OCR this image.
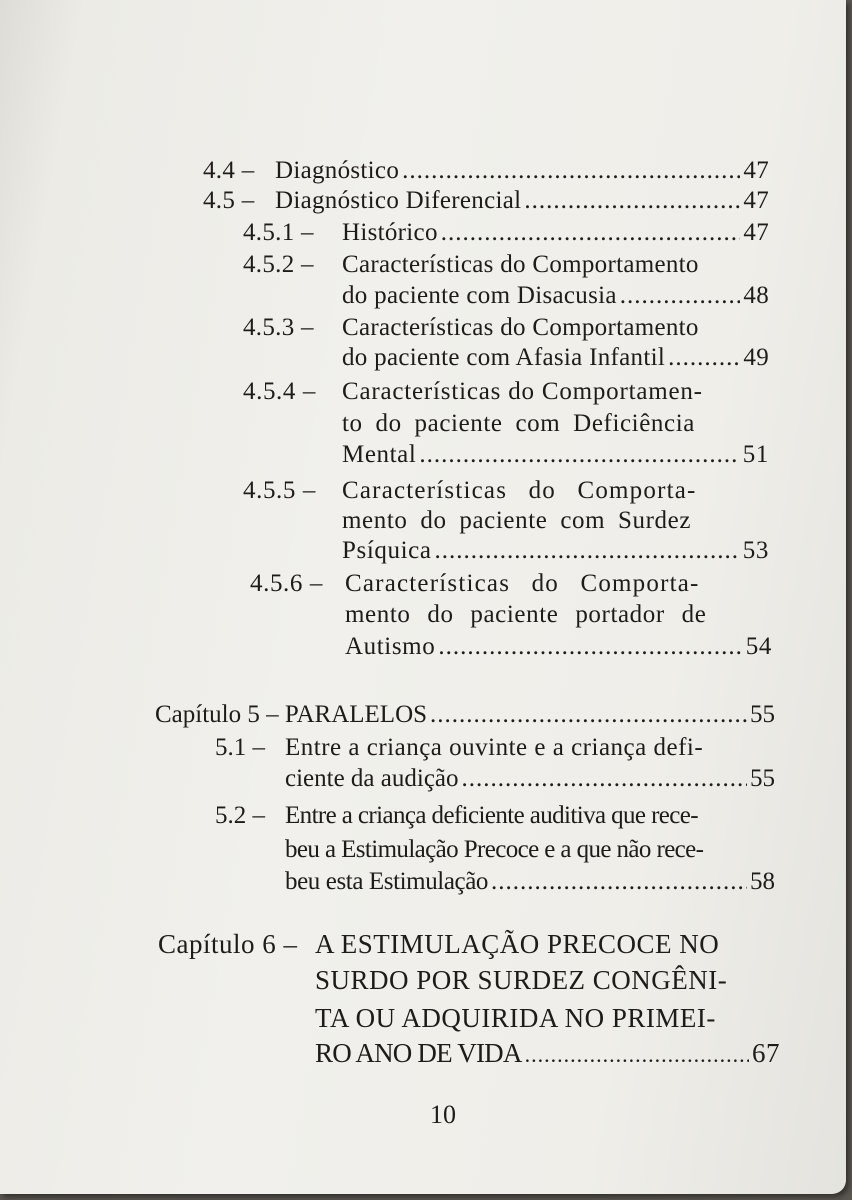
4.4 – Diagnóstico .....	47
4.5 – Diagnóstico Diferencial .....	47
4.5.1 – Histórico .....	47
4.5.2 – Características do Comportamento
do paciente com Disacusia .....	48
4.5.3 – Características do Comportamento
do paciente com Afasia Infantil .....	49
4.5.4 – Características do Comportamen-
to do paciente com Deficiência
Mental .....	51
4.5.5 – Características do Comporta-
mento do paciente com Surdez
Psíquica .....	53
4.5.6 – Características do Comporta-
mento do paciente portador de
Autismo .....	54
Capítulo 5 – PARALELOS .....	55
5.1 – Entre a criança ouvinte e a criança defi-
ciente da audição .....	55
5.2 – Entre a criança deficiente auditiva que rece-
beu a Estimulação Precoce e a que não rece-
beu esta Estimulação .....	58
Capítulo 6 – A ESTIMULAÇÃO PRECOCE NO
SURDO POR SURDEZ CONGÊNI-
TA OU ADQUIRIDA NO PRIMEI-
RO ANO DE VIDA .....	67
10
